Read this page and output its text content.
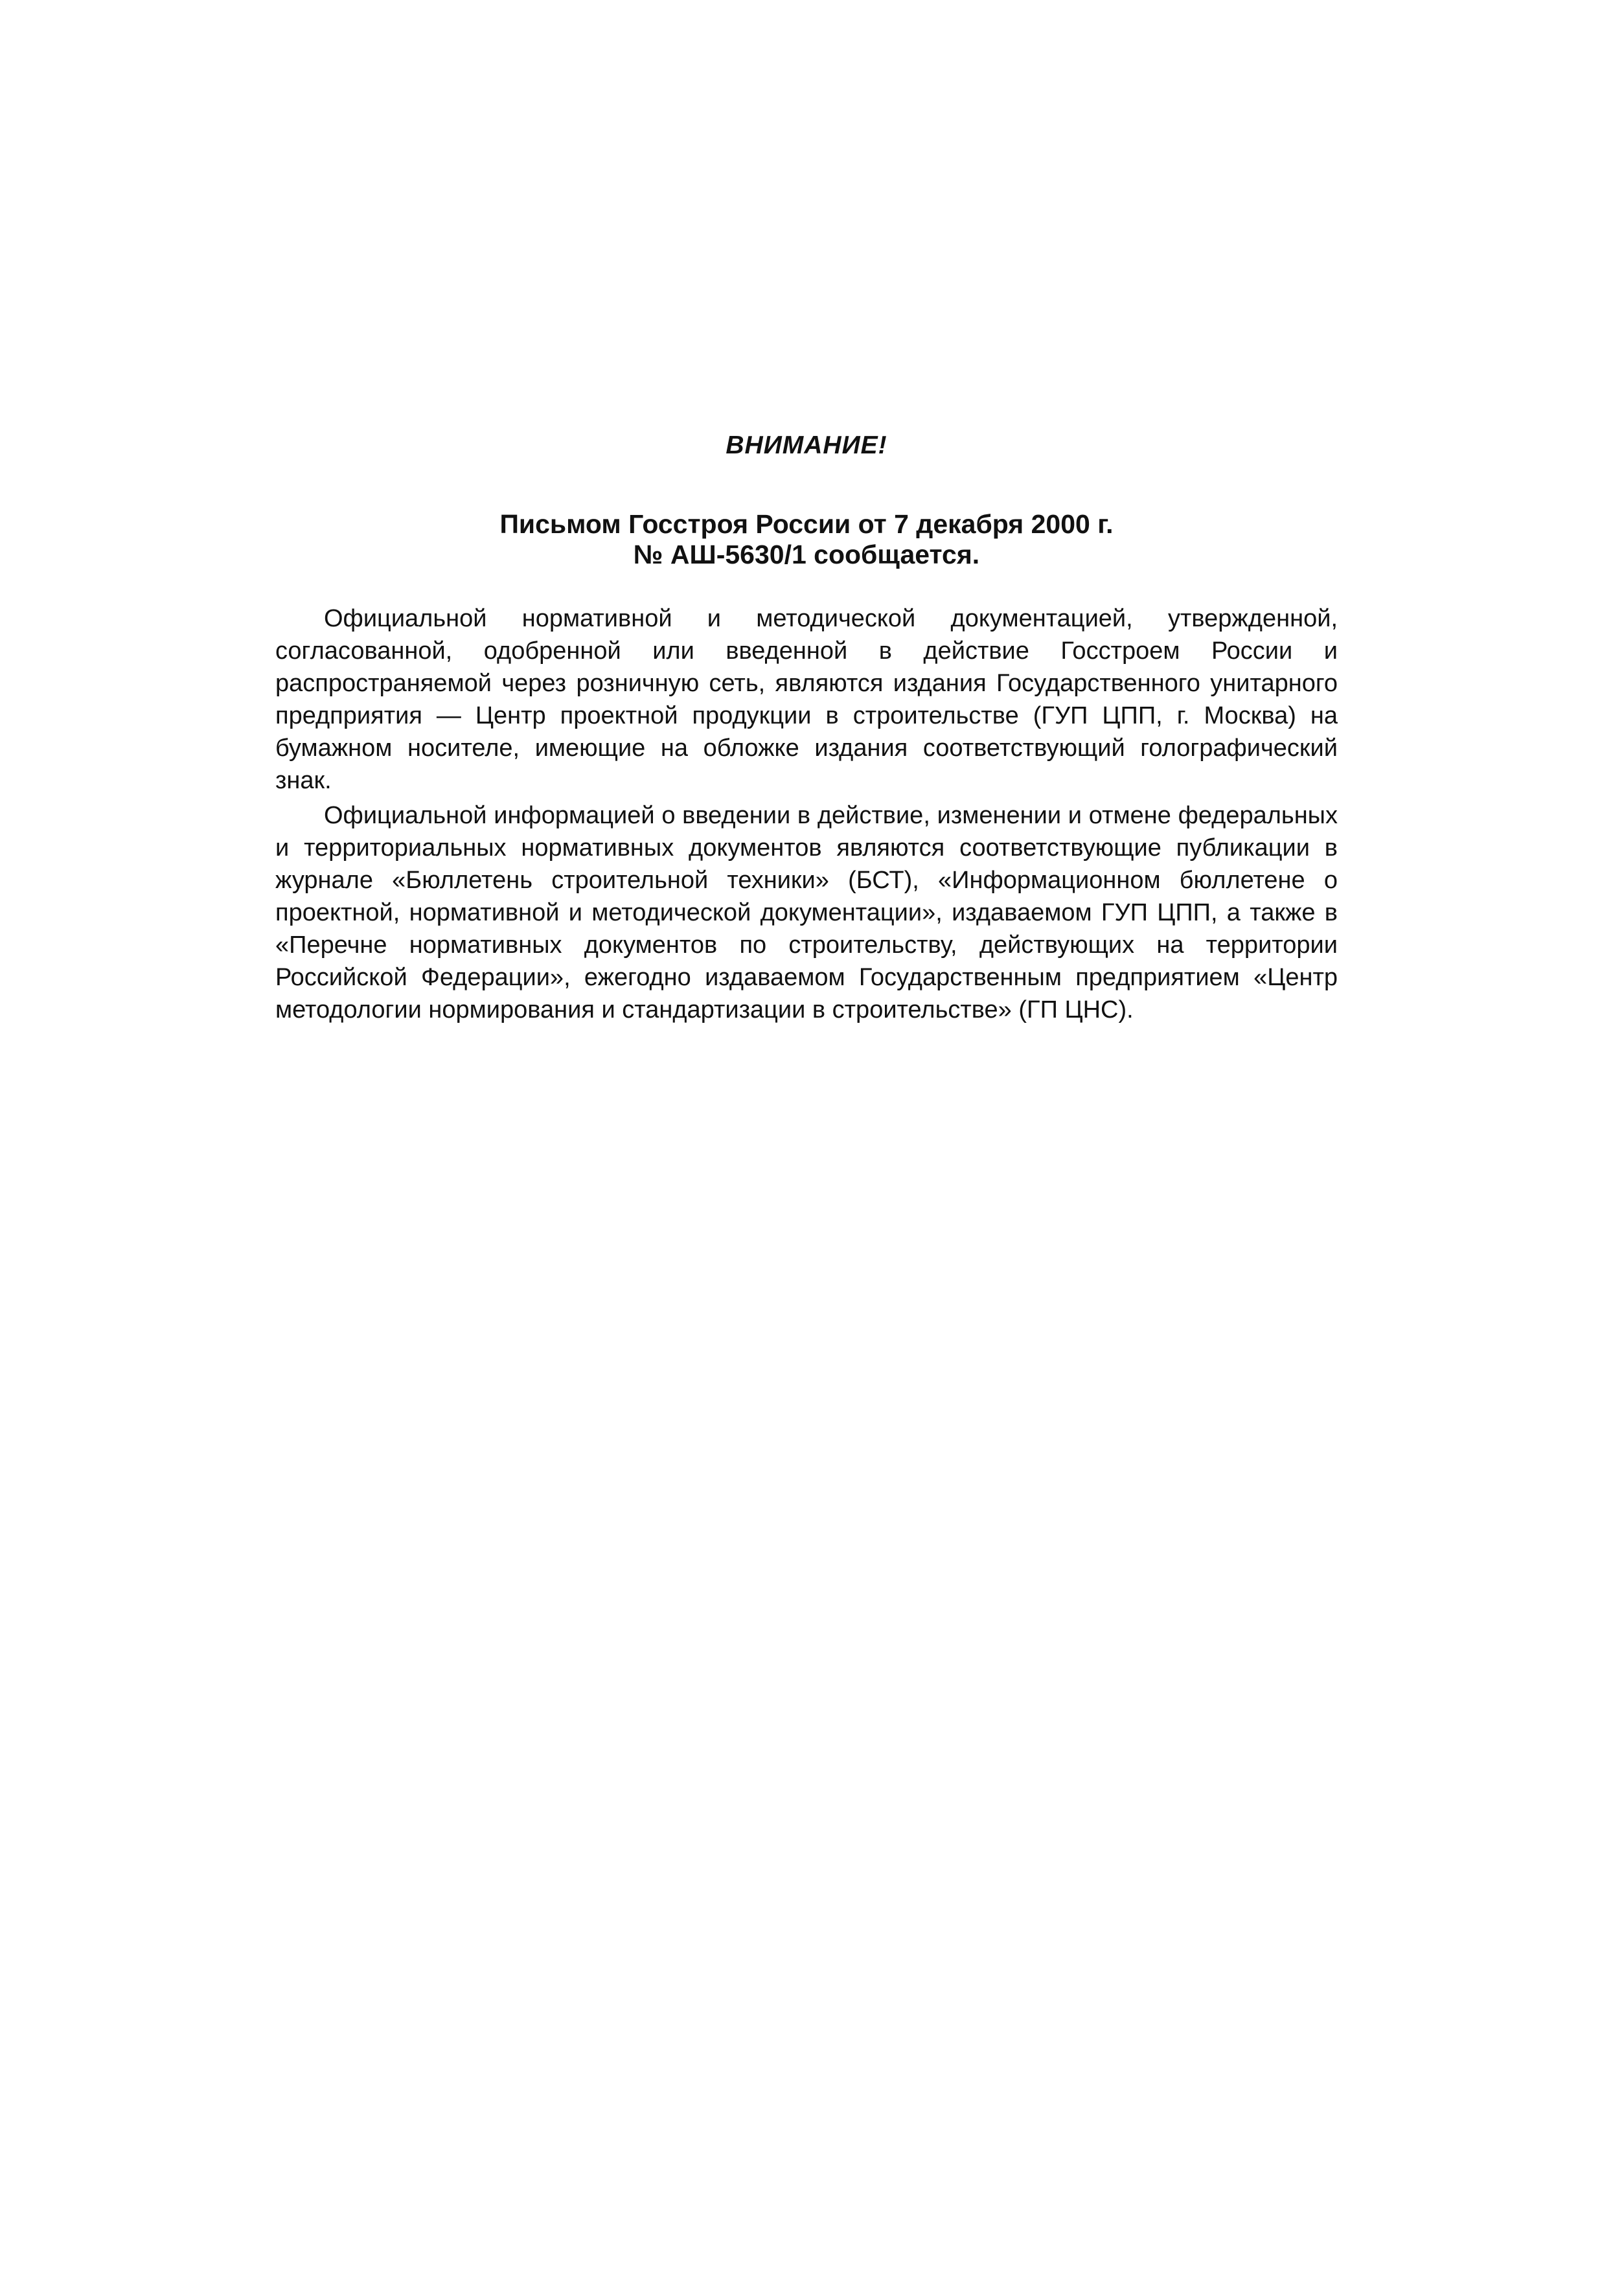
ВНИМАНИЕ!
Письмом Госстроя России от 7 декабря 2000 г.
№ АШ-5630/1 сообщается.

Официальной нормативной и методической документацией, утвержденной, согласованной, одобренной или введенной в действие Госстроем России и распространяемой через розничную сеть, являются издания Государственного унитарного предприятия — Центр проектной продукции в строительстве (ГУП ЦПП, г. Москва) на бумажном носителе, имеющие на обложке издания соответствующий голографический знак.

Официальной информацией о введении в действие, изменении и отмене федеральных и территориальных нормативных документов являются соответствующие публикации в журнале «Бюллетень строительной техники» (БСТ), «Информационном бюллетене о проектной, нормативной и методической документации», издаваемом ГУП ЦПП, а также в «Перечне нормативных документов по строительству, действующих на территории Российской Федерации», ежегодно издаваемом Государственным предприятием «Центр методологии нормирования и стандартизации в строительстве» (ГП ЦНС).
